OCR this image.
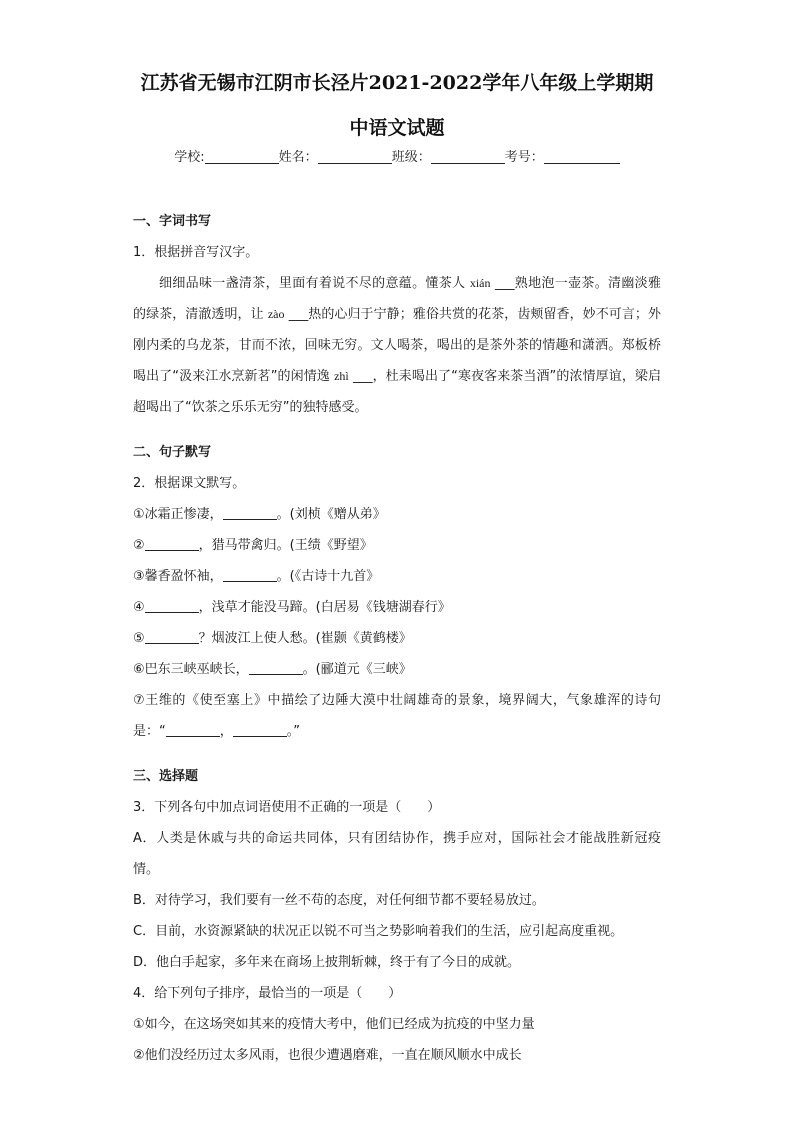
江苏省无锡市江阴市长泾片2021-2022学年八年级上学期期
中语文试题
学校:	姓名：	班级：	考号：
一、字词书写
1．根据拼音写汉字。
细细品味一盏清茶，里面有着说不尽的意蕴。懂茶人 xián ___熟地泡一壶茶。清幽淡雅的绿茶，清澈透明，让 zào ___热的心归于宁静；雅俗共赏的花茶，齿颊留香，妙不可言；外刚内柔的乌龙茶，甘而不浓，回味无穷。文人喝茶，喝出的是茶外茶的情趣和潇洒。郑板桥喝出了“汲来江水烹新茗”的闲情逸 zhì ___，杜耒喝出了“寒夜客来茶当酒”的浓情厚谊，梁启超喝出了“饮茶之乐乐无穷”的独特感受。
二、句子默写
2．根据课文默写。
①冰霜正惨凄，	。(刘桢《赠从弟》
②	，猎马带禽归。(王绩《野望》
③馨香盈怀袖，	。(《古诗十九首》
④	，浅草才能没马蹄。(白居易《钱塘湖春行》
⑤	？烟波江上使人愁。(崔颢《黄鹤楼》
⑥巴东三峡巫峡长，	。(郦道元《三峡》
⑦王维的《使至塞上》中描绘了边陲大漠中壮阔雄奇的景象，境界阔大，气象雄浑的诗句是：“	，	。”
三、选择题
3．下列各句中加点词语使用不正确的一项是（　　）
A．人类是休戚与共的命运共同体，只有团结协作，携手应对，国际社会才能战胜新冠疫情。
B．对待学习，我们要有一丝不苟的态度，对任何细节都不要轻易放过。
C．目前，水资源紧缺的状况正以锐不可当之势影响着我们的生活，应引起高度重视。
D．他白手起家，多年来在商场上披荆斩棘，终于有了今日的成就。
4．给下列句子排序，最恰当的一项是（　　）
①如今，在这场突如其来的疫情大考中，他们已经成为抗疫的中坚力量
②他们没经历过太多风雨，也很少遭遇磨难，一直在顺风顺水中成长
